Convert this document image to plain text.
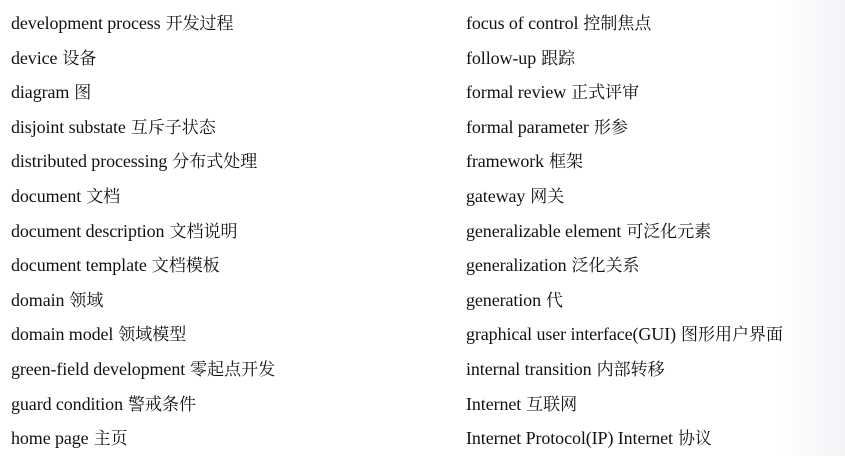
development process 开发过程
device 设备
diagram 图
disjoint substate 互斥子状态
distributed processing 分布式处理
document 文档
document description 文档说明
document template 文档模板
domain 领域
domain model 领域模型
green-field development 零起点开发
guard condition 警戒条件
home page 主页
focus of control 控制焦点
follow-up 跟踪
formal review 正式评审
formal parameter 形参
framework 框架
gateway 网关
generalizable element 可泛化元素
generalization 泛化关系
generation 代
graphical user interface(GUI) 图形用户界面
internal transition 内部转移
Internet 互联网
Internet Protocol(IP) Internet 协议
